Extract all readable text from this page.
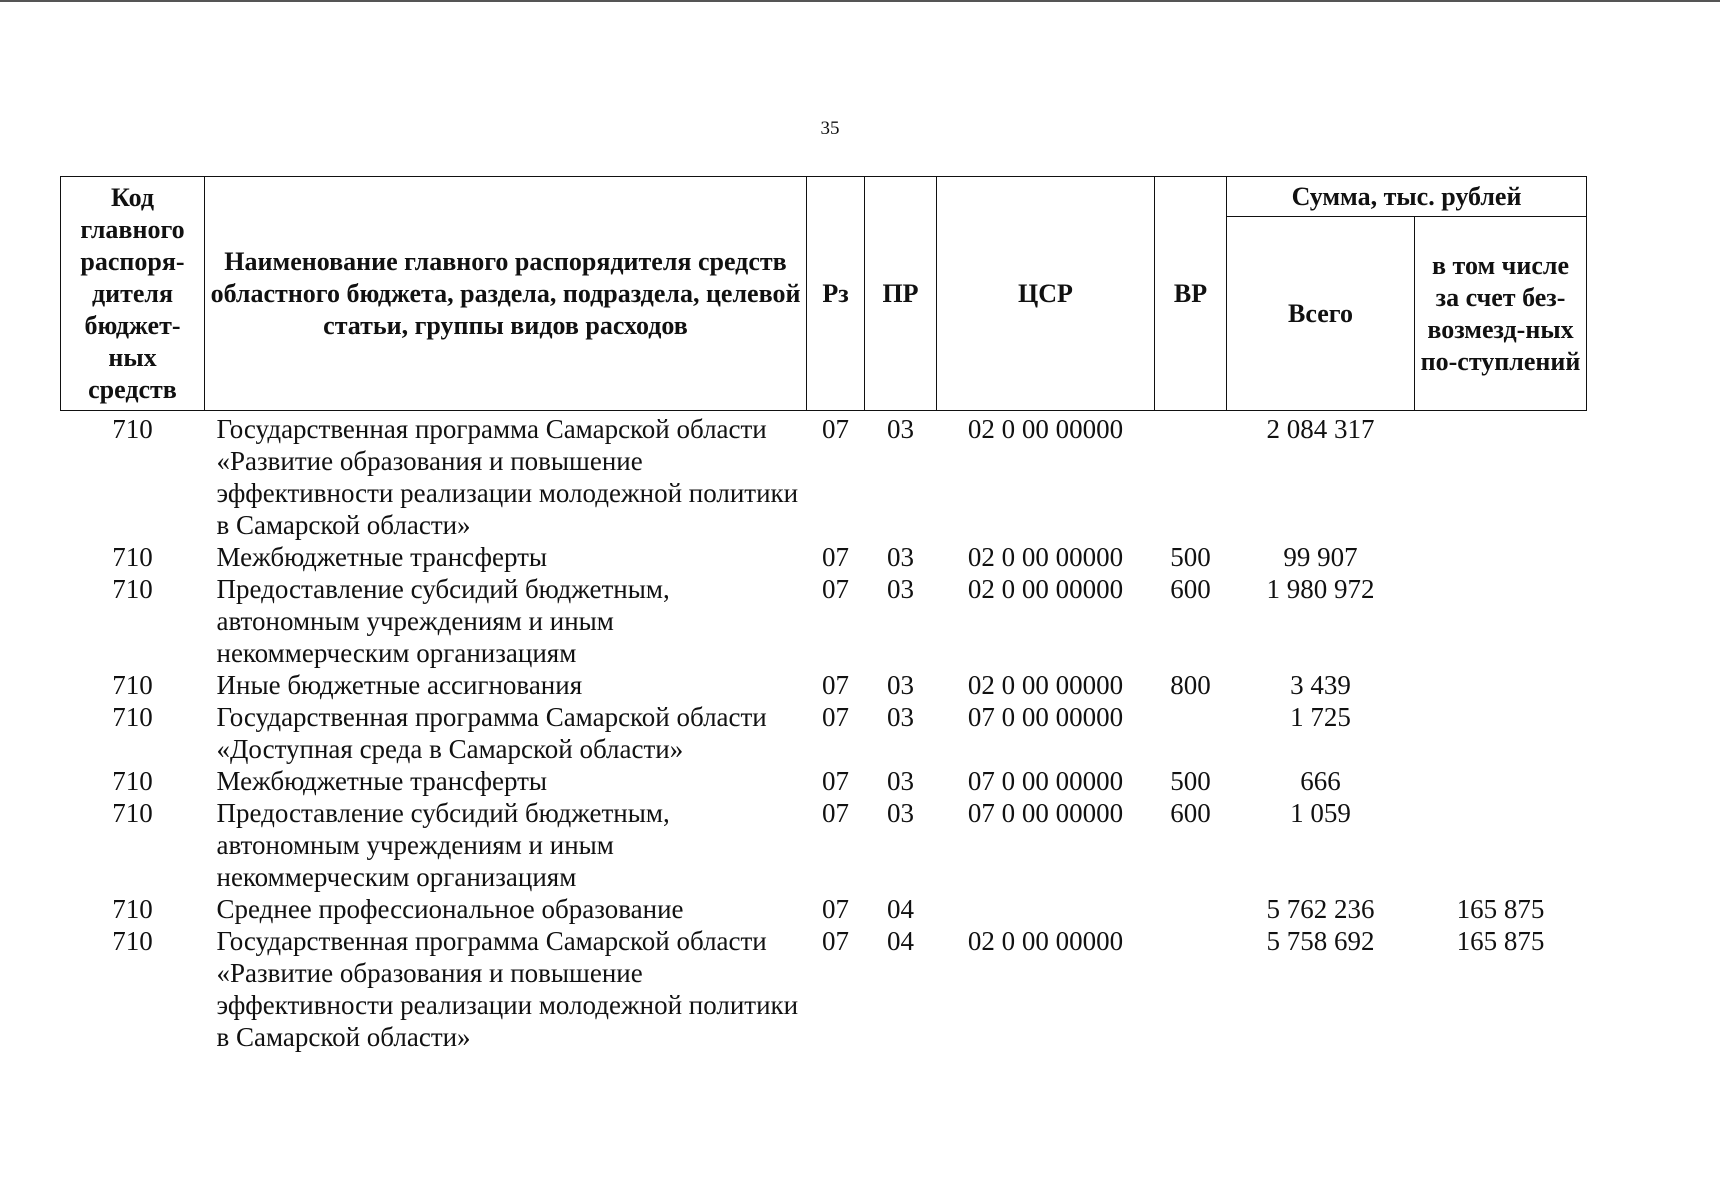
35
Код главного распоря-дителя бюджет-ных средств	Наименование главного распорядителя средств областного бюджета, раздела, подраздела, целевой статьи, группы видов расходов	Рз	ПР	ЦСР	ВР	Сумма, тыс. рублей	
						Всего	в том числе за счет без-возмезд-ных по-ступлений
710	Государственная программа Самарской области «Развитие образования и повышение эффективности реализации молодежной политики в Самарской области»	07	03	02 0 00 00000		2 084 317	
710	Межбюджетные трансферты	07	03	02 0 00 00000	500	99 907	
710	Предоставление субсидий бюджетным, автономным учреждениям и иным некоммерческим организациям	07	03	02 0 00 00000	600	1 980 972	
710	Иные бюджетные ассигнования	07	03	02 0 00 00000	800	3 439	
710	Государственная программа Самарской области «Доступная среда в Самарской области»	07	03	07 0 00 00000		1 725	
710	Межбюджетные трансферты	07	03	07 0 00 00000	500	666	
710	Предоставление субсидий бюджетным, автономным учреждениям и иным некоммерческим организациям	07	03	07 0 00 00000	600	1 059	
710	Среднее профессиональное образование	07	04			5 762 236	165 875
710	Государственная программа Самарской области «Развитие образования и повышение эффективности реализации молодежной политики в Самарской области»	07	04	02 0 00 00000		5 758 692	165 875
